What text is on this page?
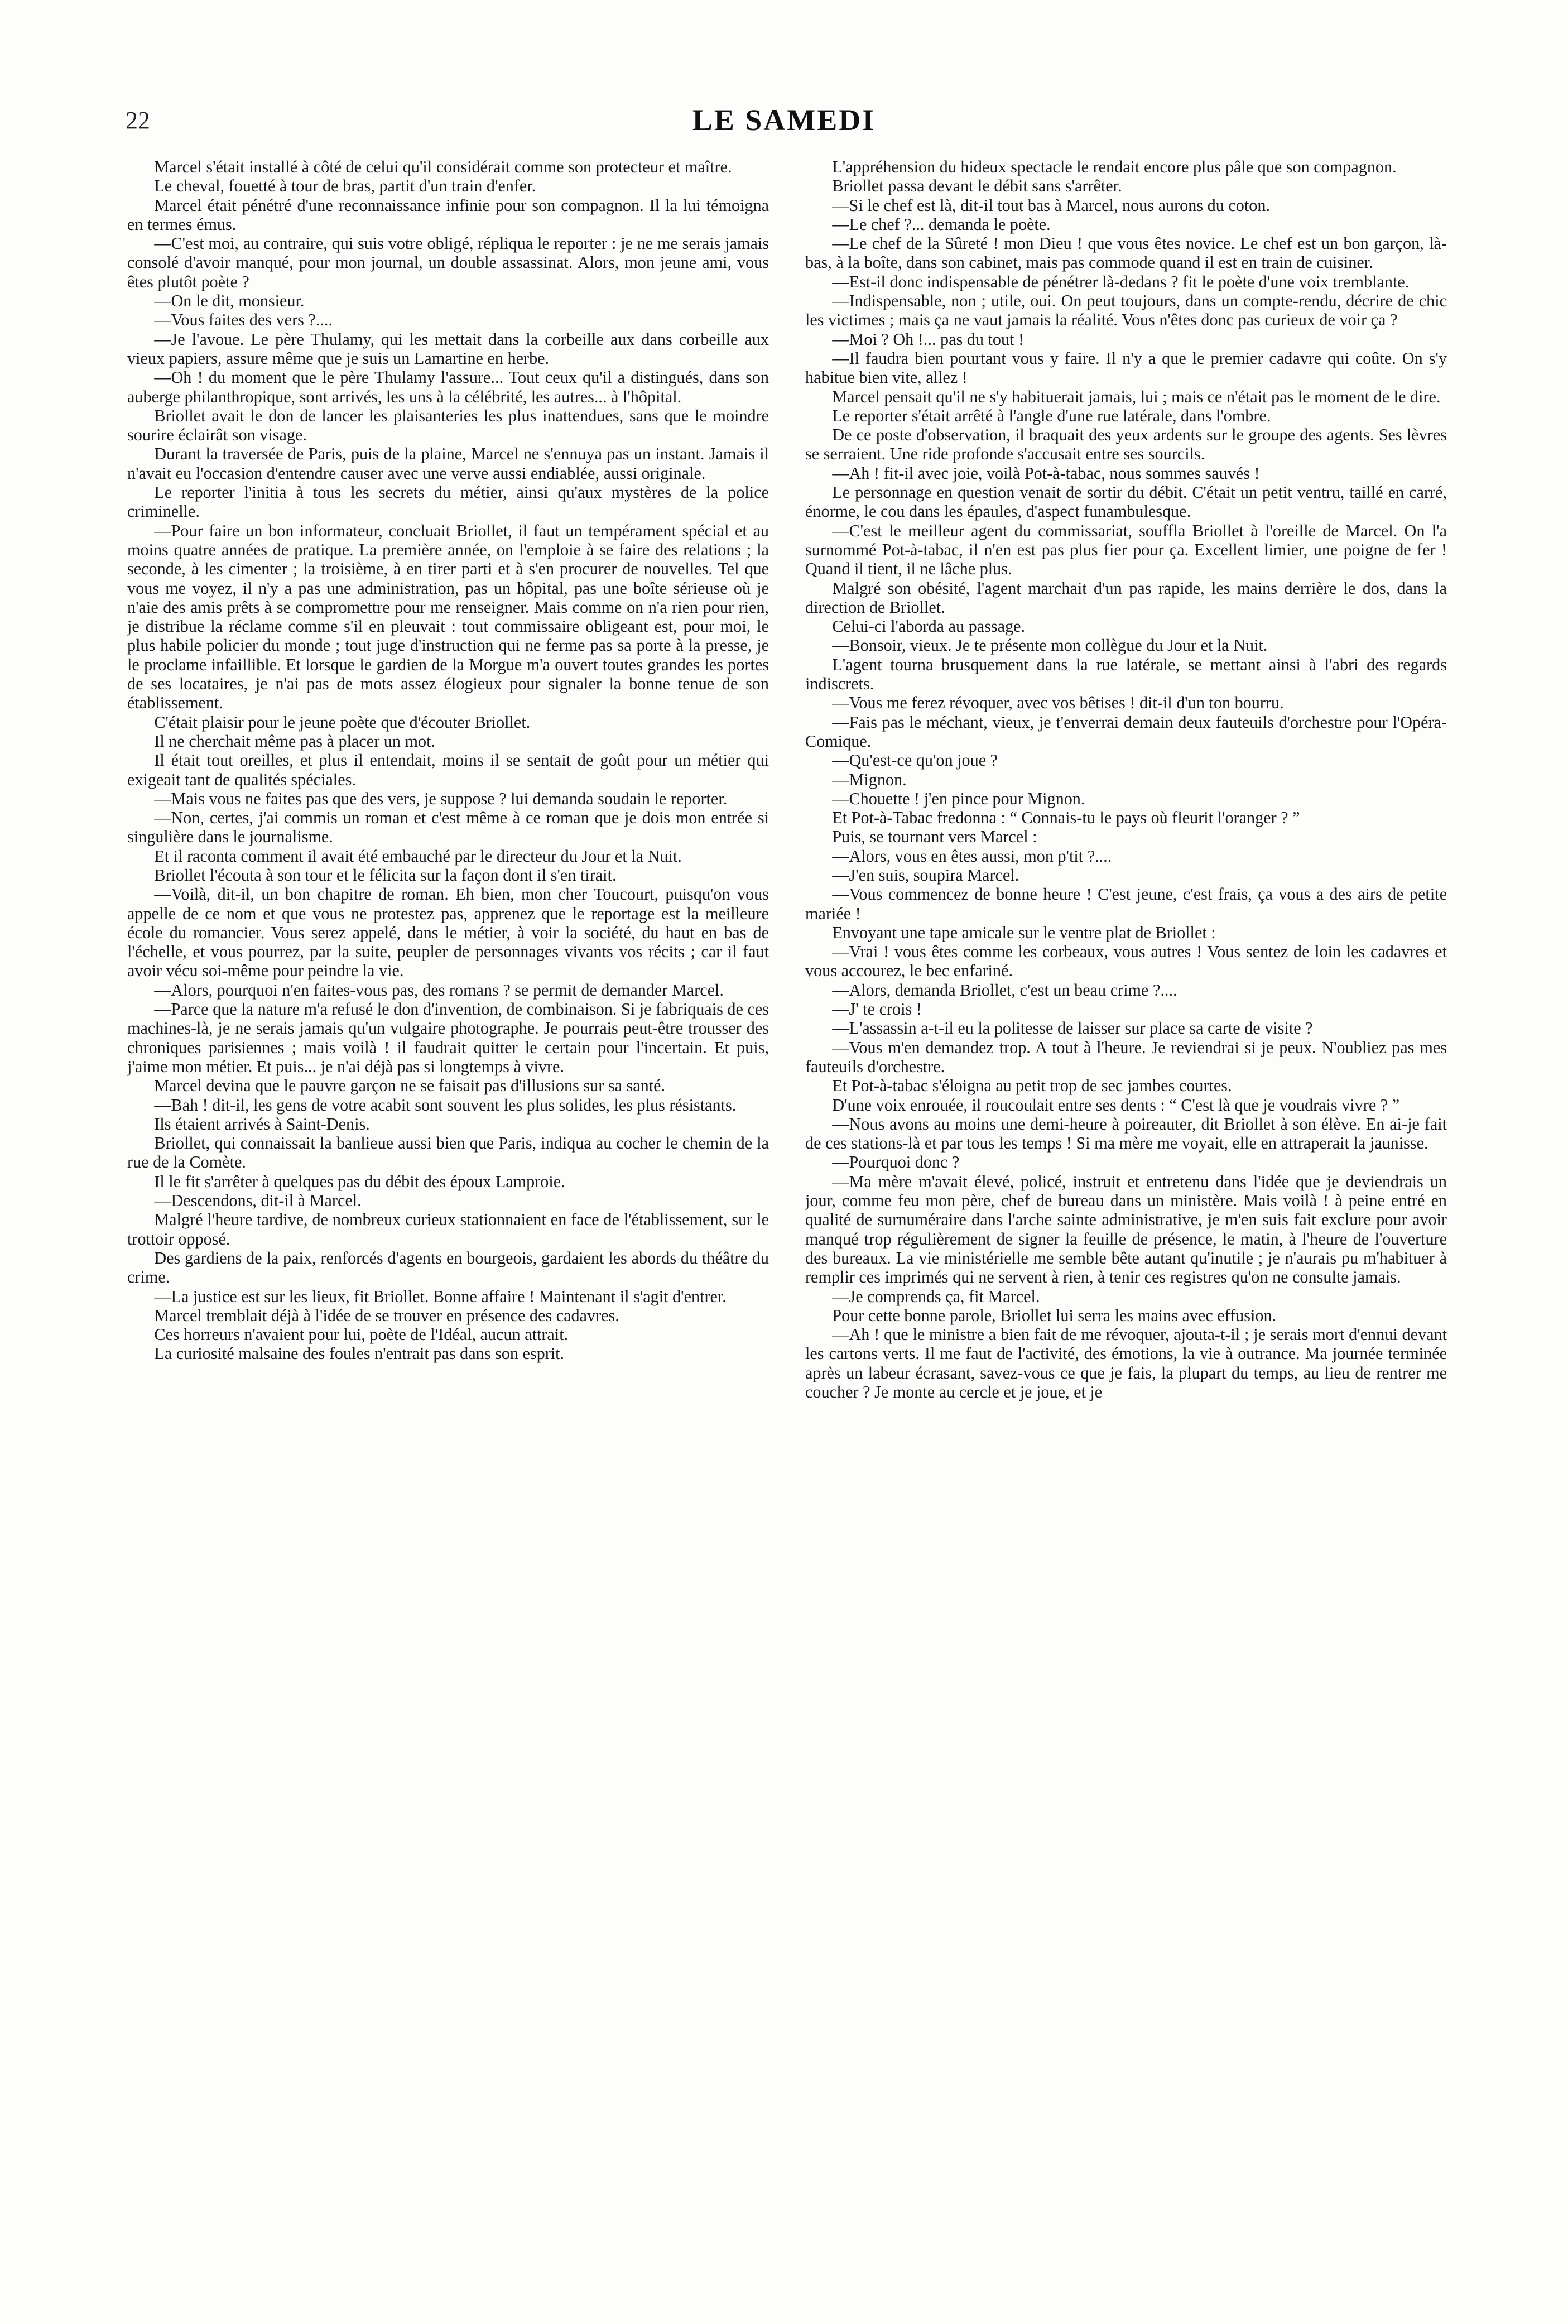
22	LE SAMEDI

Marcel s'était installé à côté de celui qu'il considérait comme son protecteur et maître.

Le cheval, fouetté à tour de bras, partit d'un train d'enfer.

Marcel était pénétré d'une reconnaissance infinie pour son compagnon. Il la lui témoigna en termes émus.

—C'est moi, au contraire, qui suis votre obligé, répliqua le reporter : je ne me serais jamais consolé d'avoir manqué, pour mon journal, un double assassinat. Alors, mon jeune ami, vous êtes plutôt poète ?

—On le dit, monsieur.

—Vous faites des vers ?....

—Je l'avoue. Le père Thulamy, qui les mettait dans la corbeille aux dans corbeille aux vieux papiers, assure même que je suis un Lamartine en herbe.

—Oh ! du moment que le père Thulamy l'assure... Tout ceux qu'il a distingués, dans son auberge philanthropique, sont arrivés, les uns à la célébrité, les autres... à l'hôpital.

Briollet avait le don de lancer les plaisanteries les plus inattendues, sans que le moindre sourire éclairât son visage.

Durant la traversée de Paris, puis de la plaine, Marcel ne s'ennuya pas un instant. Jamais il n'avait eu l'occasion d'entendre causer avec une verve aussi endiablée, aussi originale.

Le reporter l'initia à tous les secrets du métier, ainsi qu'aux mystères de la police criminelle.

—Pour faire un bon informateur, concluait Briollet, il faut un tempérament spécial et au moins quatre années de pratique. La première année, on l'emploie à se faire des relations ; la seconde, à les cimenter ; la troisième, à en tirer parti et à s'en procurer de nouvelles. Tel que vous me voyez, il n'y a pas une administration, pas un hôpital, pas une boîte sérieuse où je n'aie des amis prêts à se compromettre pour me renseigner. Mais comme on n'a rien pour rien, je distribue la réclame comme s'il en pleuvait : tout commissaire obligeant est, pour moi, le plus habile policier du monde ; tout juge d'instruction qui ne ferme pas sa porte à la presse, je le proclame infaillible. Et lorsque le gardien de la Morgue m'a ouvert toutes grandes les portes de ses locataires, je n'ai pas de mots assez élogieux pour signaler la bonne tenue de son établissement.

C'était plaisir pour le jeune poète que d'écouter Briollet.

Il ne cherchait même pas à placer un mot.

Il était tout oreilles, et plus il entendait, moins il se sentait de goût pour un métier qui exigeait tant de qualités spéciales.

—Mais vous ne faites pas que des vers, je suppose ? lui demanda soudain le reporter.

—Non, certes, j'ai commis un roman et c'est même à ce roman que je dois mon entrée si singulière dans le journalisme.

Et il raconta comment il avait été embauché par le directeur du Jour et la Nuit.

Briollet l'écouta à son tour et le félicita sur la façon dont il s'en tirait.

—Voilà, dit-il, un bon chapitre de roman. Eh bien, mon cher Toucourt, puisqu'on vous appelle de ce nom et que vous ne protestez pas, apprenez que le reportage est la meilleure école du romancier. Vous serez appelé, dans le métier, à voir la société, du haut en bas de l'échelle, et vous pourrez, par la suite, peupler de personnages vivants vos récits ; car il faut avoir vécu soi-même pour peindre la vie.

—Alors, pourquoi n'en faites-vous pas, des romans ? se permit de demander Marcel.

—Parce que la nature m'a refusé le don d'invention, de combinaison. Si je fabriquais de ces machines-là, je ne serais jamais qu'un vulgaire photographe. Je pourrais peut-être trousser des chroniques parisiennes ; mais voilà ! il faudrait quitter le certain pour l'incertain. Et puis, j'aime mon métier. Et puis... je n'ai déjà pas si longtemps à vivre.

Marcel devina que le pauvre garçon ne se faisait pas d'illusions sur sa santé.

—Bah ! dit-il, les gens de votre acabit sont souvent les plus solides, les plus résistants.

Ils étaient arrivés à Saint-Denis.

Briollet, qui connaissait la banlieue aussi bien que Paris, indiqua au cocher le chemin de la rue de la Comète.

Il le fit s'arrêter à quelques pas du débit des époux Lamproie.

—Descendons, dit-il à Marcel.

Malgré l'heure tardive, de nombreux curieux stationnaient en face de l'établissement, sur le trottoir opposé.

Des gardiens de la paix, renforcés d'agents en bourgeois, gardaient les abords du théâtre du crime.

—La justice est sur les lieux, fit Briollet. Bonne affaire ! Maintenant il s'agit d'entrer.

Marcel tremblait déjà à l'idée de se trouver en présence des cadavres.

Ces horreurs n'avaient pour lui, poète de l'Idéal, aucun attrait.

La curiosité malsaine des foules n'entrait pas dans son esprit.

L'appréhension du hideux spectacle le rendait encore plus pâle que son compagnon.

Briollet passa devant le débit sans s'arrêter.

—Si le chef est là, dit-il tout bas à Marcel, nous aurons du coton.

—Le chef ?... demanda le poète.

—Le chef de la Sûreté ! mon Dieu ! que vous êtes novice. Le chef est un bon garçon, là-bas, à la boîte, dans son cabinet, mais pas commode quand il est en train de cuisiner.

—Est-il donc indispensable de pénétrer là-dedans ? fit le poète d'une voix tremblante.

—Indispensable, non ; utile, oui. On peut toujours, dans un compte-rendu, décrire de chic les victimes ; mais ça ne vaut jamais la réalité. Vous n'êtes donc pas curieux de voir ça ?

—Moi ? Oh !... pas du tout !

—Il faudra bien pourtant vous y faire. Il n'y a que le premier cadavre qui coûte. On s'y habitue bien vite, allez !

Marcel pensait qu'il ne s'y habituerait jamais, lui ; mais ce n'était pas le moment de le dire.

Le reporter s'était arrêté à l'angle d'une rue latérale, dans l'ombre.

De ce poste d'observation, il braquait des yeux ardents sur le groupe des agents. Ses lèvres se serraient. Une ride profonde s'accusait entre ses sourcils.

—Ah ! fit-il avec joie, voilà Pot-à-tabac, nous sommes sauvés !

Le personnage en question venait de sortir du débit. C'était un petit ventru, taillé en carré, énorme, le cou dans les épaules, d'aspect funambulesque.

—C'est le meilleur agent du commissariat, souffla Briollet à l'oreille de Marcel. On l'a surnommé Pot-à-tabac, il n'en est pas plus fier pour ça. Excellent limier, une poigne de fer ! Quand il tient, il ne lâche plus.

Malgré son obésité, l'agent marchait d'un pas rapide, les mains derrière le dos, dans la direction de Briollet.

Celui-ci l'aborda au passage.

—Bonsoir, vieux. Je te présente mon collègue du Jour et la Nuit.

L'agent tourna brusquement dans la rue latérale, se mettant ainsi à l'abri des regards indiscrets.

—Vous me ferez révoquer, avec vos bêtises ! dit-il d'un ton bourru.

—Fais pas le méchant, vieux, je t'enverrai demain deux fauteuils d'orchestre pour l'Opéra-Comique.

—Qu'est-ce qu'on joue ?

—Mignon.

—Chouette ! j'en pince pour Mignon.

Et Pot-à-Tabac fredonna : “ Connais-tu le pays où fleurit l'oranger ? ”

Puis, se tournant vers Marcel :

—Alors, vous en êtes aussi, mon p'tit ?....

—J'en suis, soupira Marcel.

—Vous commencez de bonne heure ! C'est jeune, c'est frais, ça vous a des airs de petite mariée !

Envoyant une tape amicale sur le ventre plat de Briollet :

—Vrai ! vous êtes comme les corbeaux, vous autres ! Vous sentez de loin les cadavres et vous accourez, le bec enfariné.

—Alors, demanda Briollet, c'est un beau crime ?....

—J' te crois !

—L'assassin a-t-il eu la politesse de laisser sur place sa carte de visite ?

—Vous m'en demandez trop. A tout à l'heure. Je reviendrai si je peux. N'oubliez pas mes fauteuils d'orchestre.

Et Pot-à-tabac s'éloigna au petit trop de sec jambes courtes.

D'une voix enrouée, il roucoulait entre ses dents : “ C'est là que je voudrais vivre ? ”

—Nous avons au moins une demi-heure à poireauter, dit Briollet à son élève. En ai-je fait de ces stations-là et par tous les temps ! Si ma mère me voyait, elle en attraperait la jaunisse.

—Pourquoi donc ?

—Ma mère m'avait élevé, policé, instruit et entretenu dans l'idée que je deviendrais un jour, comme feu mon père, chef de bureau dans un ministère. Mais voilà ! à peine entré en qualité de surnuméraire dans l'arche sainte administrative, je m'en suis fait exclure pour avoir manqué trop régulièrement de signer la feuille de présence, le matin, à l'heure de l'ouverture des bureaux. La vie ministérielle me semble bête autant qu'inutile ; je n'aurais pu m'habituer à remplir ces imprimés qui ne servent à rien, à tenir ces registres qu'on ne consulte jamais.

—Je comprends ça, fit Marcel.

Pour cette bonne parole, Briollet lui serra les mains avec effusion.

—Ah ! que le ministre a bien fait de me révoquer, ajouta-t-il ; je serais mort d'ennui devant les cartons verts. Il me faut de l'activité, des émotions, la vie à outrance. Ma journée terminée après un labeur écrasant, savez-vous ce que je fais, la plupart du temps, au lieu de rentrer me coucher ? Je monte au cercle et je joue, et je
